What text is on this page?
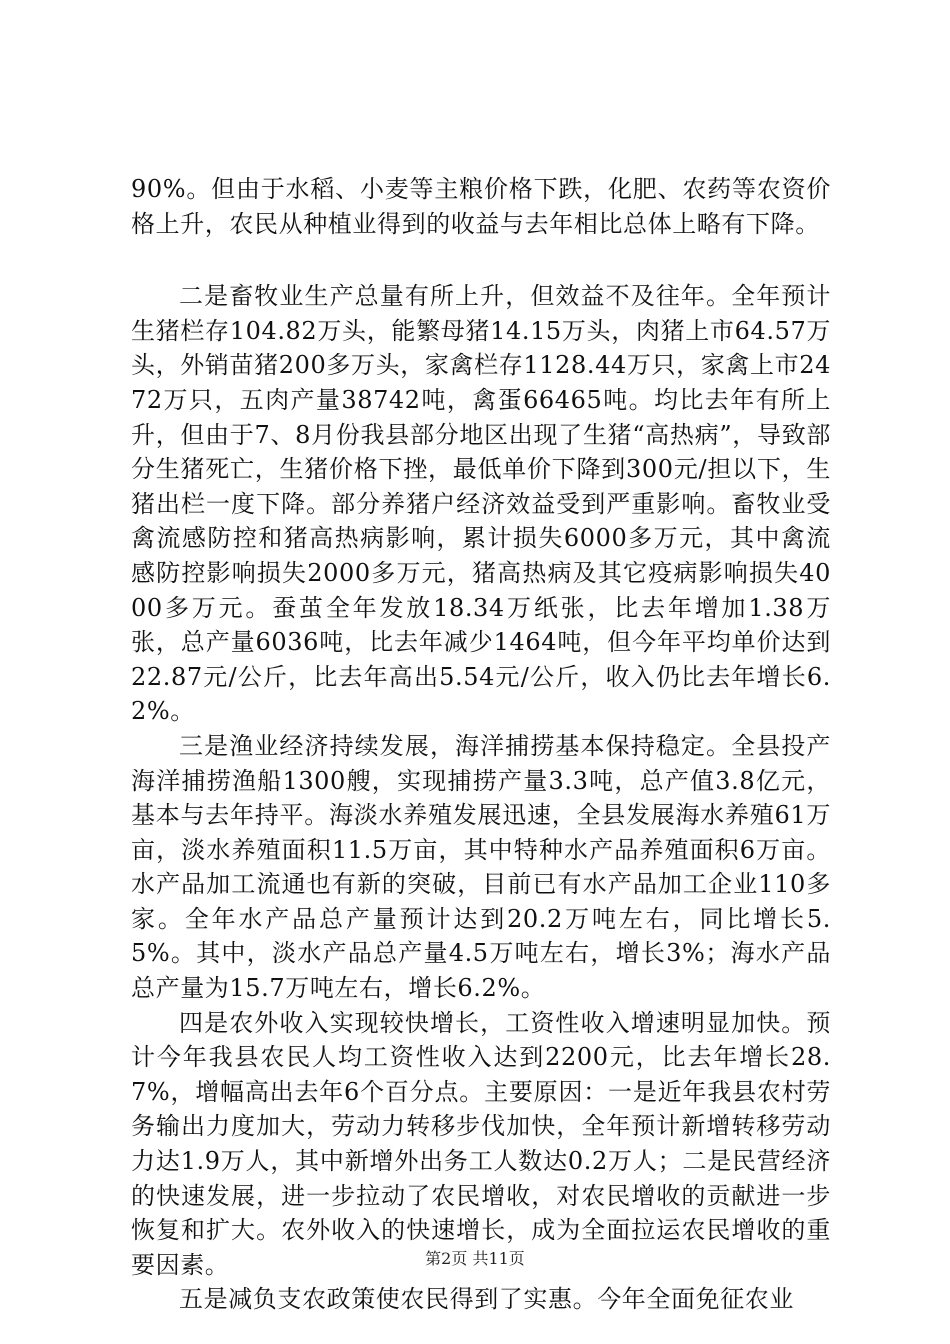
90%。但由于水稻、小麦等主粮价格下跌，化肥、农药等农资价格上升，农民从种植业得到的收益与去年相比总体上略有下降。

二是畜牧业生产总量有所上升，但效益不及往年。全年预计生猪栏存104.82万头，能繁母猪14.15万头，肉猪上市64.57万头，外销苗猪200多万头，家禽栏存1128.44万只，家禽上市2472万只，五肉产量38742吨，禽蛋66465吨。均比去年有所上升，但由于7、8月份我县部分地区出现了生猪“高热病”，导致部分生猪死亡，生猪价格下挫，最低单价下降到300元/担以下，生猪出栏一度下降。部分养猪户经济效益受到严重影响。畜牧业受禽流感防控和猪高热病影响，累计损失6000多万元，其中禽流感防控影响损失2000多万元，猪高热病及其它疫病影响损失4000多万元。蚕茧全年发放18.34万纸张，比去年增加1.38万张，总产量6036吨，比去年减少1464吨，但今年平均单价达到22.87元/公斤，比去年高出5.54元/公斤，收入仍比去年增长6.2%。

三是渔业经济持续发展，海洋捕捞基本保持稳定。全县投产海洋捕捞渔船1300艘，实现捕捞产量3.3吨，总产值3.8亿元，基本与去年持平。海淡水养殖发展迅速，全县发展海水养殖61万亩，淡水养殖面积11.5万亩，其中特种水产品养殖面积6万亩。水产品加工流通也有新的突破，目前已有水产品加工企业110多家。全年水产品总产量预计达到20.2万吨左右，同比增长5.5%。其中，淡水产品总产量4.5万吨左右，增长3%；海水产品总产量为15.7万吨左右，增长6.2%。

四是农外收入实现较快增长，工资性收入增速明显加快。预计今年我县农民人均工资性收入达到2200元，比去年增长28.7%，增幅高出去年6个百分点。主要原因：一是近年我县农村劳务输出力度加大，劳动力转移步伐加快，全年预计新增转移劳动力达1.9万人，其中新增外出务工人数达0.2万人；二是民营经济的快速发展，进一步拉动了农民增收，对农民增收的贡献进一步恢复和扩大。农外收入的快速增长，成为全面拉运农民增收的重要因素。

五是减负支农政策使农民得到了实惠。今年全面免征农业

第2页 共11页
